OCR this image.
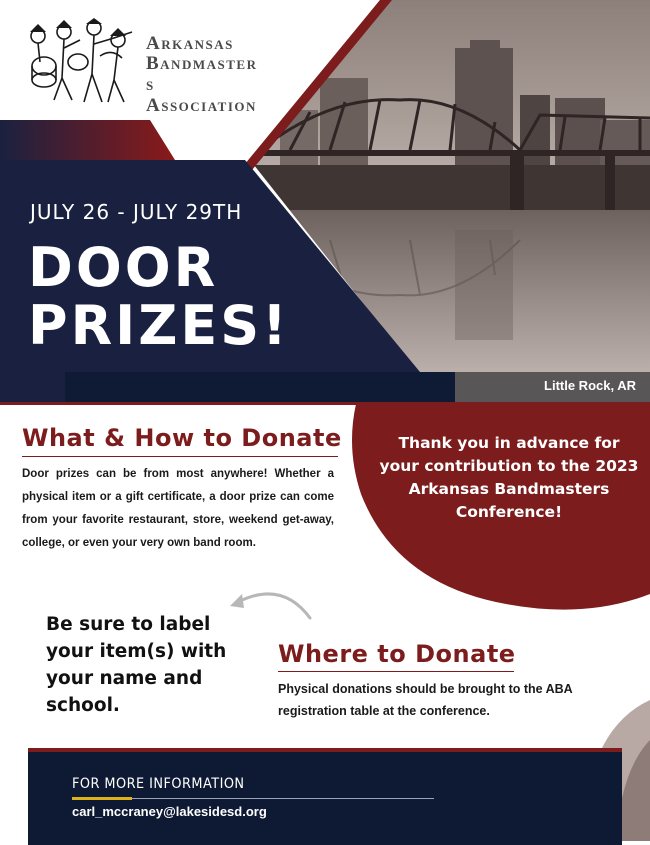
Arkansas
Bandmaster
s
Association
JULY 26 - JULY 29TH
DOOR
PRIZES!
Little Rock, AR
What & How to Donate
Door prizes can be from most anywhere! Whether a physical item or a gift certificate, a door prize can come from your favorite restaurant, store, weekend get-away, college, or even your very own band room.
Thank you in advance for your contribution to the 2023 Arkansas Bandmasters Conference!
Be sure to label your item(s) with your name and school.
Where to Donate
Physical donations should be brought to the ABA registration table at the conference.
FOR MORE INFORMATION
carl_mccraney@lakesidesd.org
